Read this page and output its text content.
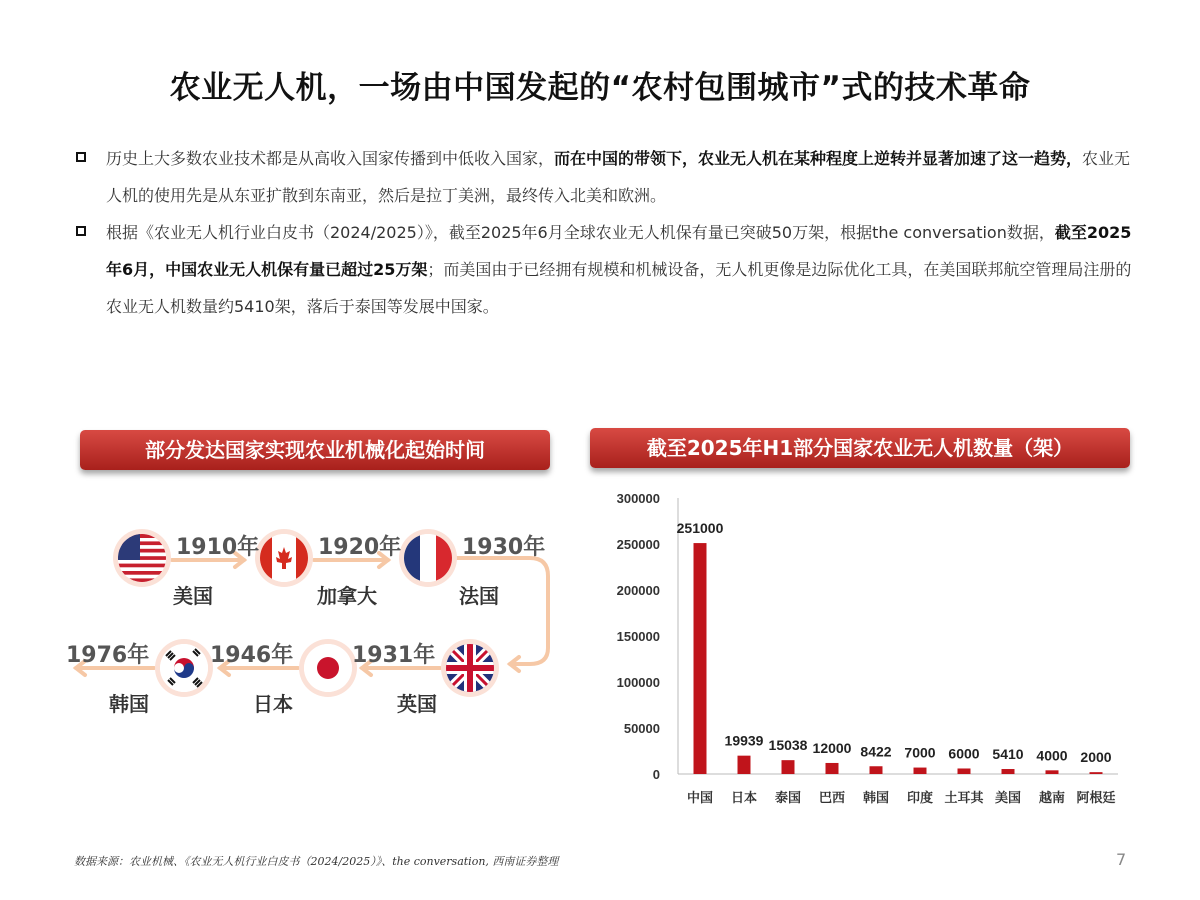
农业无人机，一场由中国发起的“农村包围城市”式的技术革命
历史上大多数农业技术都是从高收入国家传播到中低收入国家，而在中国的带领下，农业无人机在某种程度上逆转并显著加速了这一趋势，农业无人机的使用先是从东亚扩散到东南亚，然后是拉丁美洲，最终传入北美和欧洲。
根据《农业无人机行业白皮书（2024/2025）》，截至2025年6月全球农业无人机保有量已突破50万架，根据the conversation数据，截至2025年6月，中国农业无人机保有量已超过25万架；而美国由于已经拥有规模和机械设备，无人机更像是边际优化工具，在美国联邦航空管理局注册的农业无人机数量约5410架，落后于泰国等发展中国家。
部分发达国家实现农业机械化起始时间	截至2025年H1部分国家农业无人机数量（架）
1910年	1920年	1930年
1931年
1946年
1976年
美国	加拿大	法国
英国
日本
韩国
0
50000
100000
150000
200000
250000
300000
251000
中国
19939
日本
15038
泰国
12000
巴西
8422
韩国
7000
印度
6000
土耳其
5410
美国
4000
越南
2000
阿根廷
数据来源：农业机械、《农业无人机行业白皮书（2024/2025）》、the conversation, 西南证券整理	7
